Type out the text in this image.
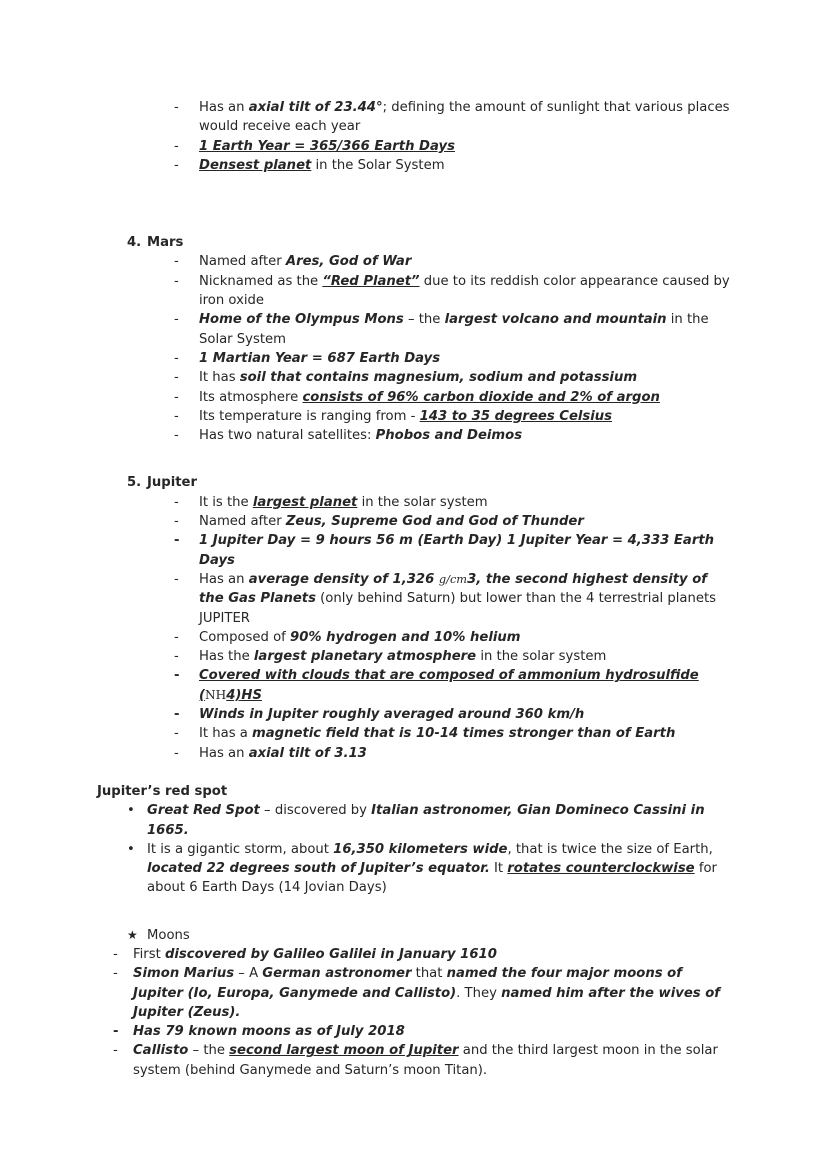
- Has an axial tilt of 23.44°; defining the amount of sunlight that various places would receive each year
- 1 Earth Year = 365/366 Earth Days
- Densest planet in the Solar System
4. Mars
- Named after Ares, God of War
- Nicknamed as the “Red Planet” due to its reddish color appearance caused by iron oxide
- Home of the Olympus Mons – the largest volcano and mountain in the Solar System
- 1 Martian Year = 687 Earth Days
- It has soil that contains magnesium, sodium and potassium
- Its atmosphere consists of 96% carbon dioxide and 2% of argon
- Its temperature is ranging from - 143 to 35 degrees Celsius
- Has two natural satellites: Phobos and Deimos
5. Jupiter
- It is the largest planet in the solar system
- Named after Zeus, Supreme God and God of Thunder
- 1 Jupiter Day = 9 hours 56 m (Earth Day) 1 Jupiter Year = 4,333 Earth Days
- Has an average density of 1,326 g/cm3, the second highest density of the Gas Planets (only behind Saturn) but lower than the 4 terrestrial planets JUPITER
- Composed of 90% hydrogen and 10% helium
- Has the largest planetary atmosphere in the solar system
- Covered with clouds that are composed of ammonium hydrosulfide (NH4)HS
- Winds in Jupiter roughly averaged around 360 km/h
- It has a magnetic field that is 10-14 times stronger than of Earth
- Has an axial tilt of 3.13
Jupiter’s red spot
• Great Red Spot – discovered by Italian astronomer, Gian Domineco Cassini in 1665.
• It is a gigantic storm, about 16,350 kilometers wide, that is twice the size of Earth, located 22 degrees south of Jupiter’s equator. It rotates counterclockwise for about 6 Earth Days (14 Jovian Days)
★ Moons
- First discovered by Galileo Galilei in January 1610
- Simon Marius – A German astronomer that named the four major moons of Jupiter (Io, Europa, Ganymede and Callisto). They named him after the wives of Jupiter (Zeus).
- Has 79 known moons as of July 2018
- Callisto – the second largest moon of Jupiter and the third largest moon in the solar system (behind Ganymede and Saturn’s moon Titan).
